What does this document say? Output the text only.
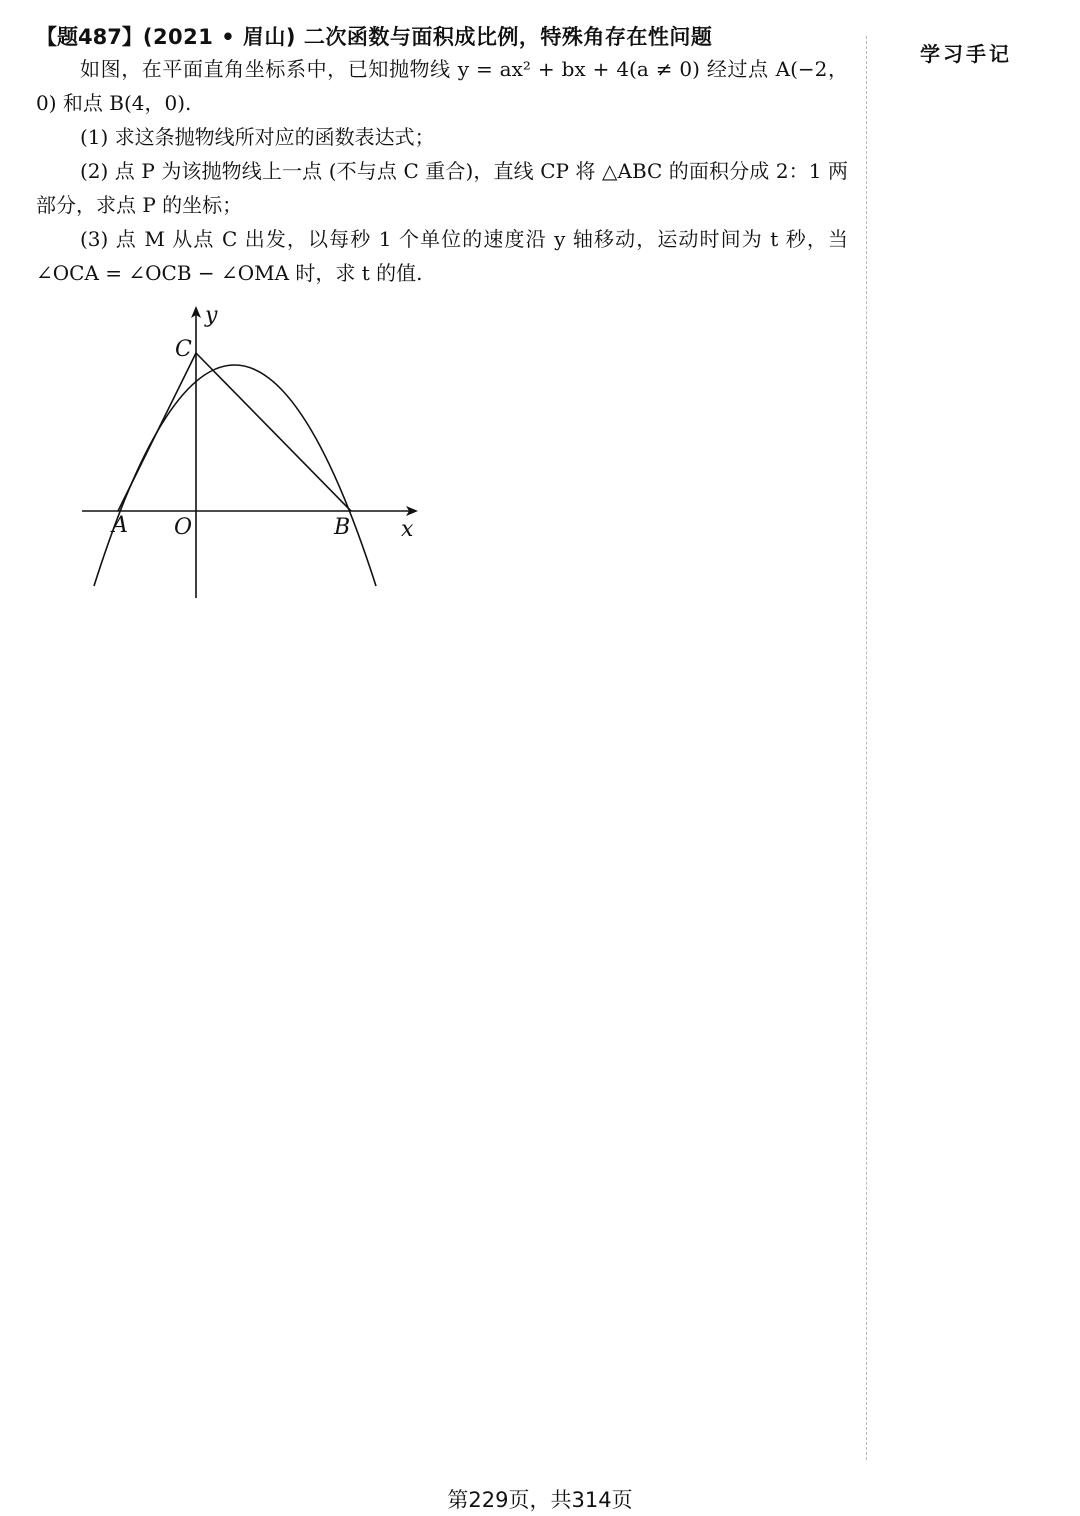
【题487】(2021 • 眉山) 二次函数与面积成比例，特殊角存在性问题

如图，在平面直角坐标系中，已知抛物线 y = ax² + bx + 4(a ≠ 0) 经过点 A(−2，0) 和点 B(4，0).

(1) 求这条抛物线所对应的函数表达式；

(2) 点 P 为该抛物线上一点 (不与点 C 重合)，直线 CP 将 △ABC 的面积分成 2：1 两部分，求点 P 的坐标；

(3) 点 M 从点 C 出发，以每秒 1 个单位的速度沿 y 轴移动，运动时间为 t 秒，当 ∠OCA = ∠OCB − ∠OMA 时，求 t 的值.

y
C
A O	B x
学习手记
第229页，共314页
